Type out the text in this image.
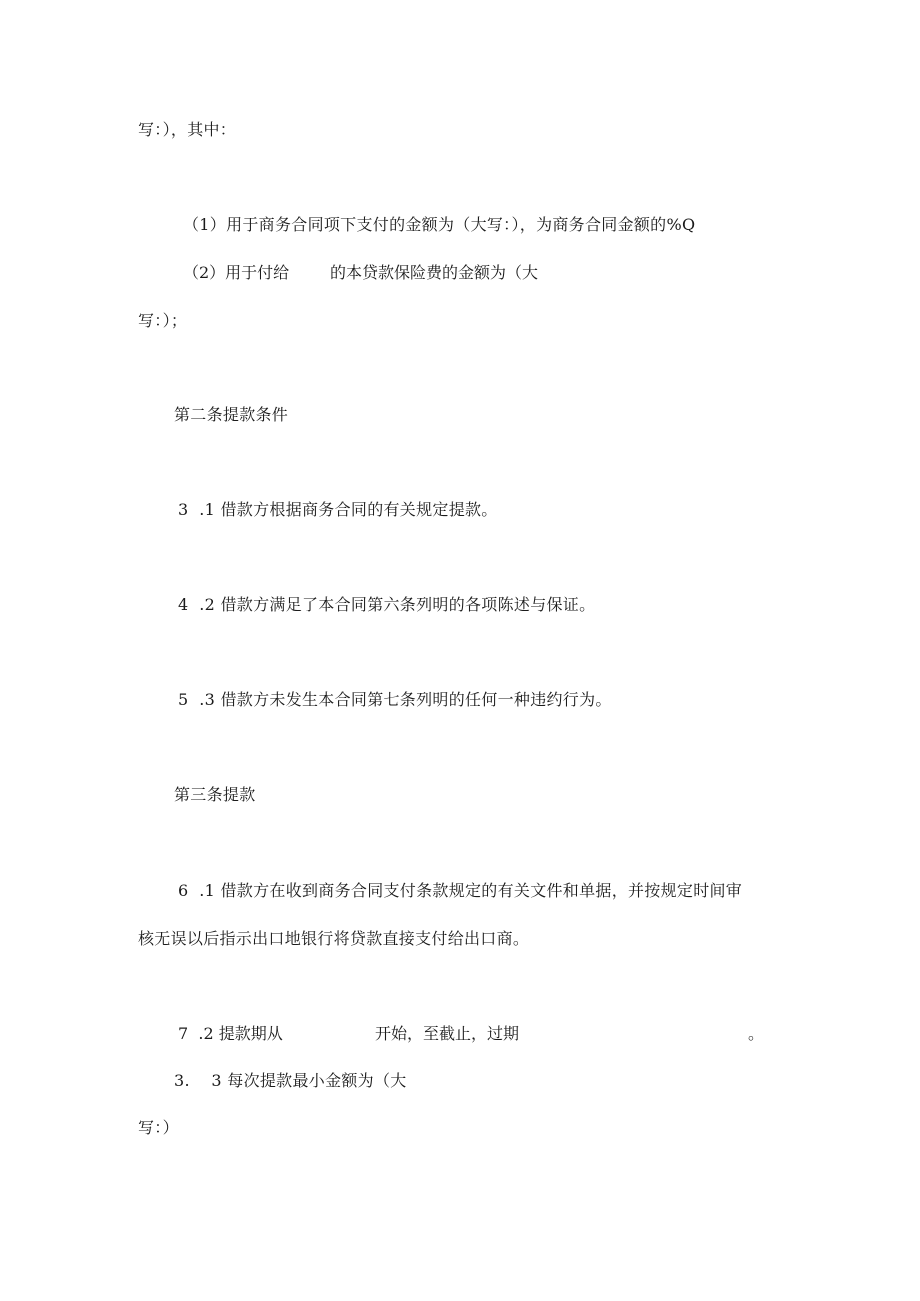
写：），其中：
（1）用于商务合同项下支付的金额为（大写：），为商务合同金额的%Q
（2）用于付给	的本贷款保险费的金额为（大
写：）；
第二条提款条件
3  .1 借款方根据商务合同的有关规定提款。
4  .2 借款方满足了本合同第六条列明的各项陈述与保证。
5  .3 借款方未发生本合同第七条列明的任何一种违约行为。
第三条提款
6  .1 借款方在收到商务合同支付条款规定的有关文件和单据，并按规定时间审
核无误以后指示出口地银行将贷款直接支付给出口商。
7  .2 提款期从	开始，至截止，过期	。
3.    3 每次提款最小金额为（大
写：）
